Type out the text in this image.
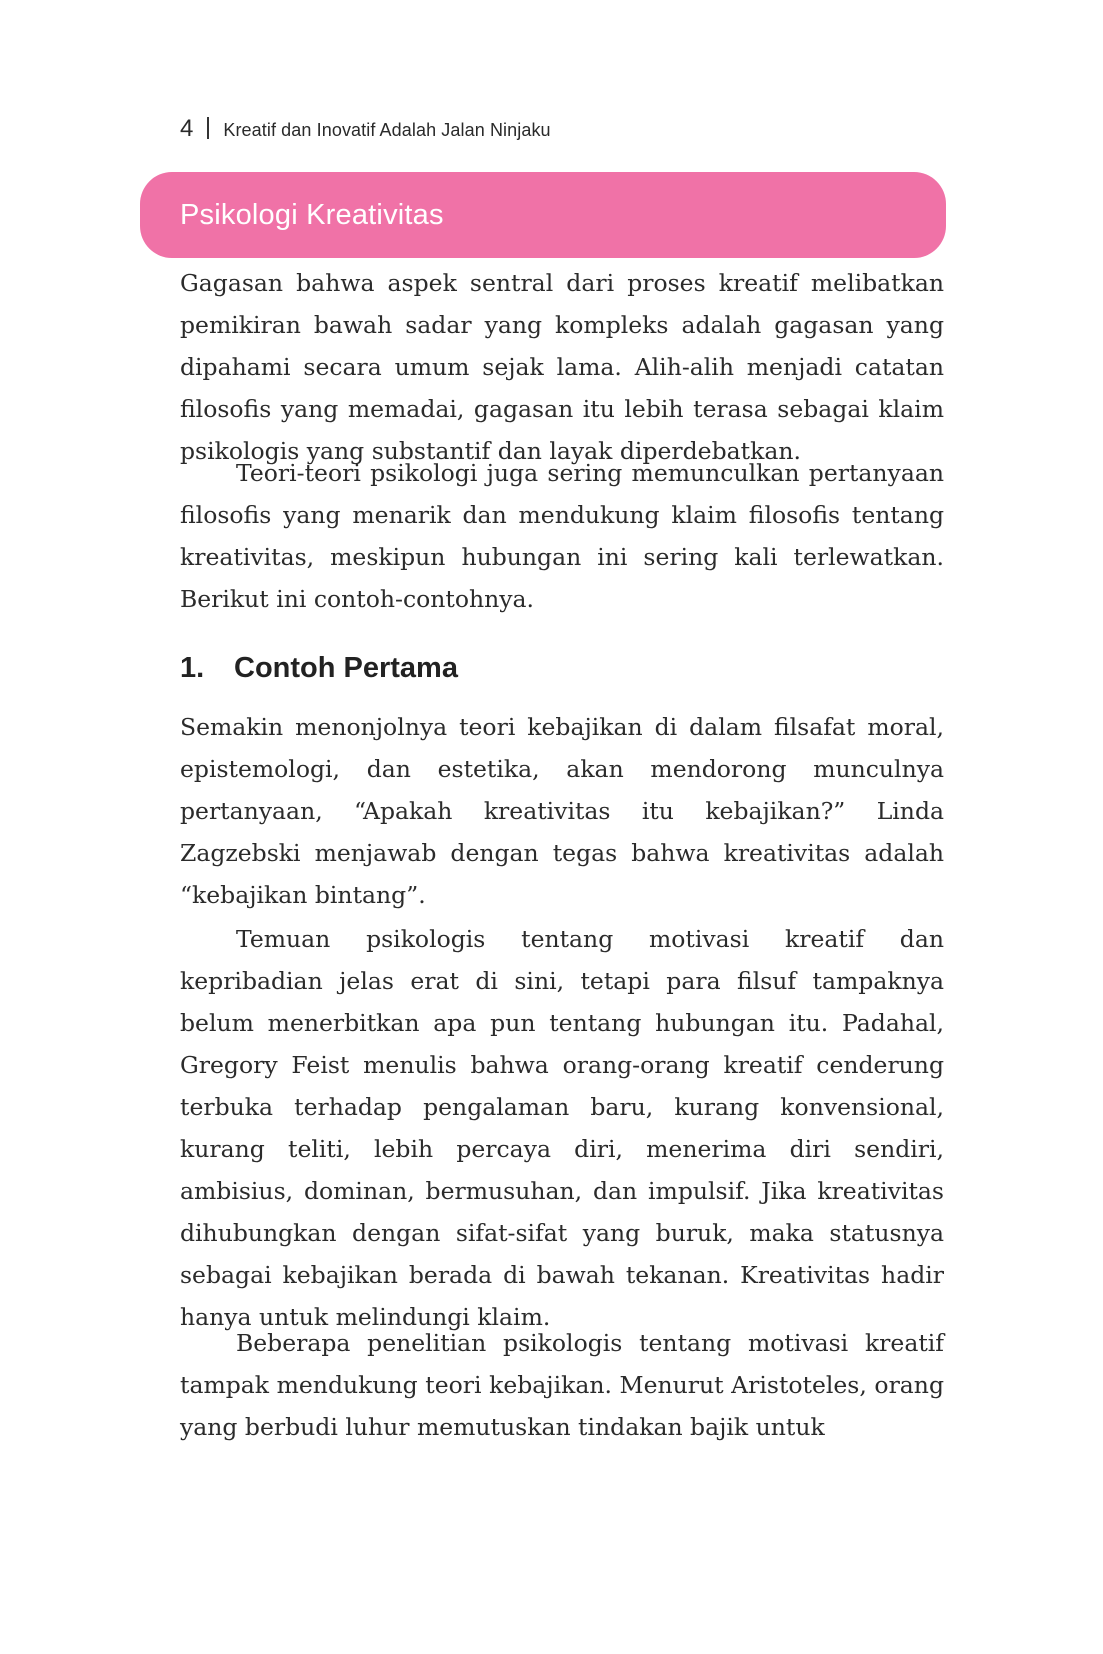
4 Kreatif dan Inovatif Adalah Jalan Ninjaku
Psikologi Kreativitas

Gagasan bahwa aspek sentral dari proses kreatif melibatkan pemikiran bawah sadar yang kompleks adalah gagasan yang dipahami secara umum sejak lama. Alih-alih menjadi catatan filosofis yang memadai, gagasan itu lebih terasa sebagai klaim psikologis yang substantif dan layak diperdebatkan.

Teori-teori psikologi juga sering memunculkan pertanyaan filosofis yang menarik dan mendukung klaim filosofis tentang kreativitas, meskipun hubungan ini sering kali terlewatkan. Berikut ini contoh-contohnya.

1.	Contoh Pertama

Semakin menonjolnya teori kebajikan di dalam filsafat moral, epistemologi, dan estetika, akan mendorong munculnya pertanyaan, “Apakah kreativitas itu kebajikan?” Linda Zagzebski menjawab dengan tegas bahwa kreativitas adalah “kebajikan bintang”.

Temuan psikologis tentang motivasi kreatif dan kepribadian jelas erat di sini, tetapi para filsuf tampaknya belum menerbitkan apa pun tentang hubungan itu. Padahal, Gregory Feist menulis bahwa orang-orang kreatif cenderung terbuka terhadap pengalaman baru, kurang konvensional, kurang teliti, lebih percaya diri, menerima diri sendiri, ambisius, dominan, bermusuhan, dan impulsif. Jika kreativitas dihubungkan dengan sifat-sifat yang buruk, maka statusnya sebagai kebajikan berada di bawah tekanan. Kreativitas hadir hanya untuk melindungi klaim.

Beberapa penelitian psikologis tentang motivasi kreatif tampak mendukung teori kebajikan. Menurut Aristoteles, orang yang berbudi luhur memutuskan tindakan bajik untuk
